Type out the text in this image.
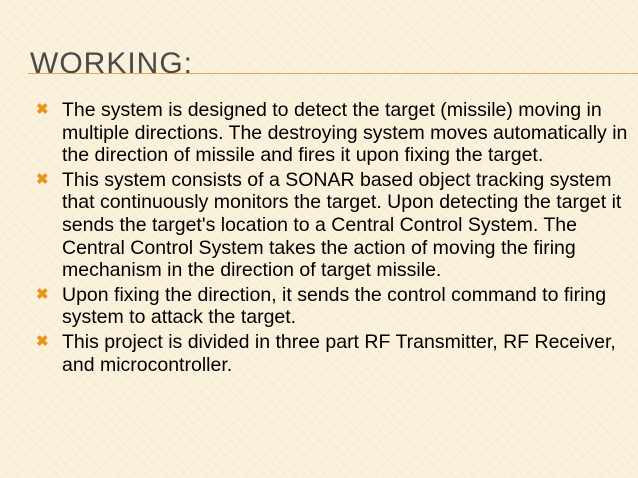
WORKING:
✖ The system is designed to detect the target (missile) moving in multiple directions. The destroying system moves automatically in the direction of missile and fires it upon fixing the target.
✖ This system consists of a SONAR based object tracking system that continuously monitors the target. Upon detecting the target it sends the target's location to a Central Control System. The Central Control System takes the action of moving the firing mechanism in the direction of target missile.
✖ Upon fixing the direction, it sends the control command to firing system to attack the target.
✖ This project is divided in three part RF Transmitter, RF Receiver, and microcontroller.
